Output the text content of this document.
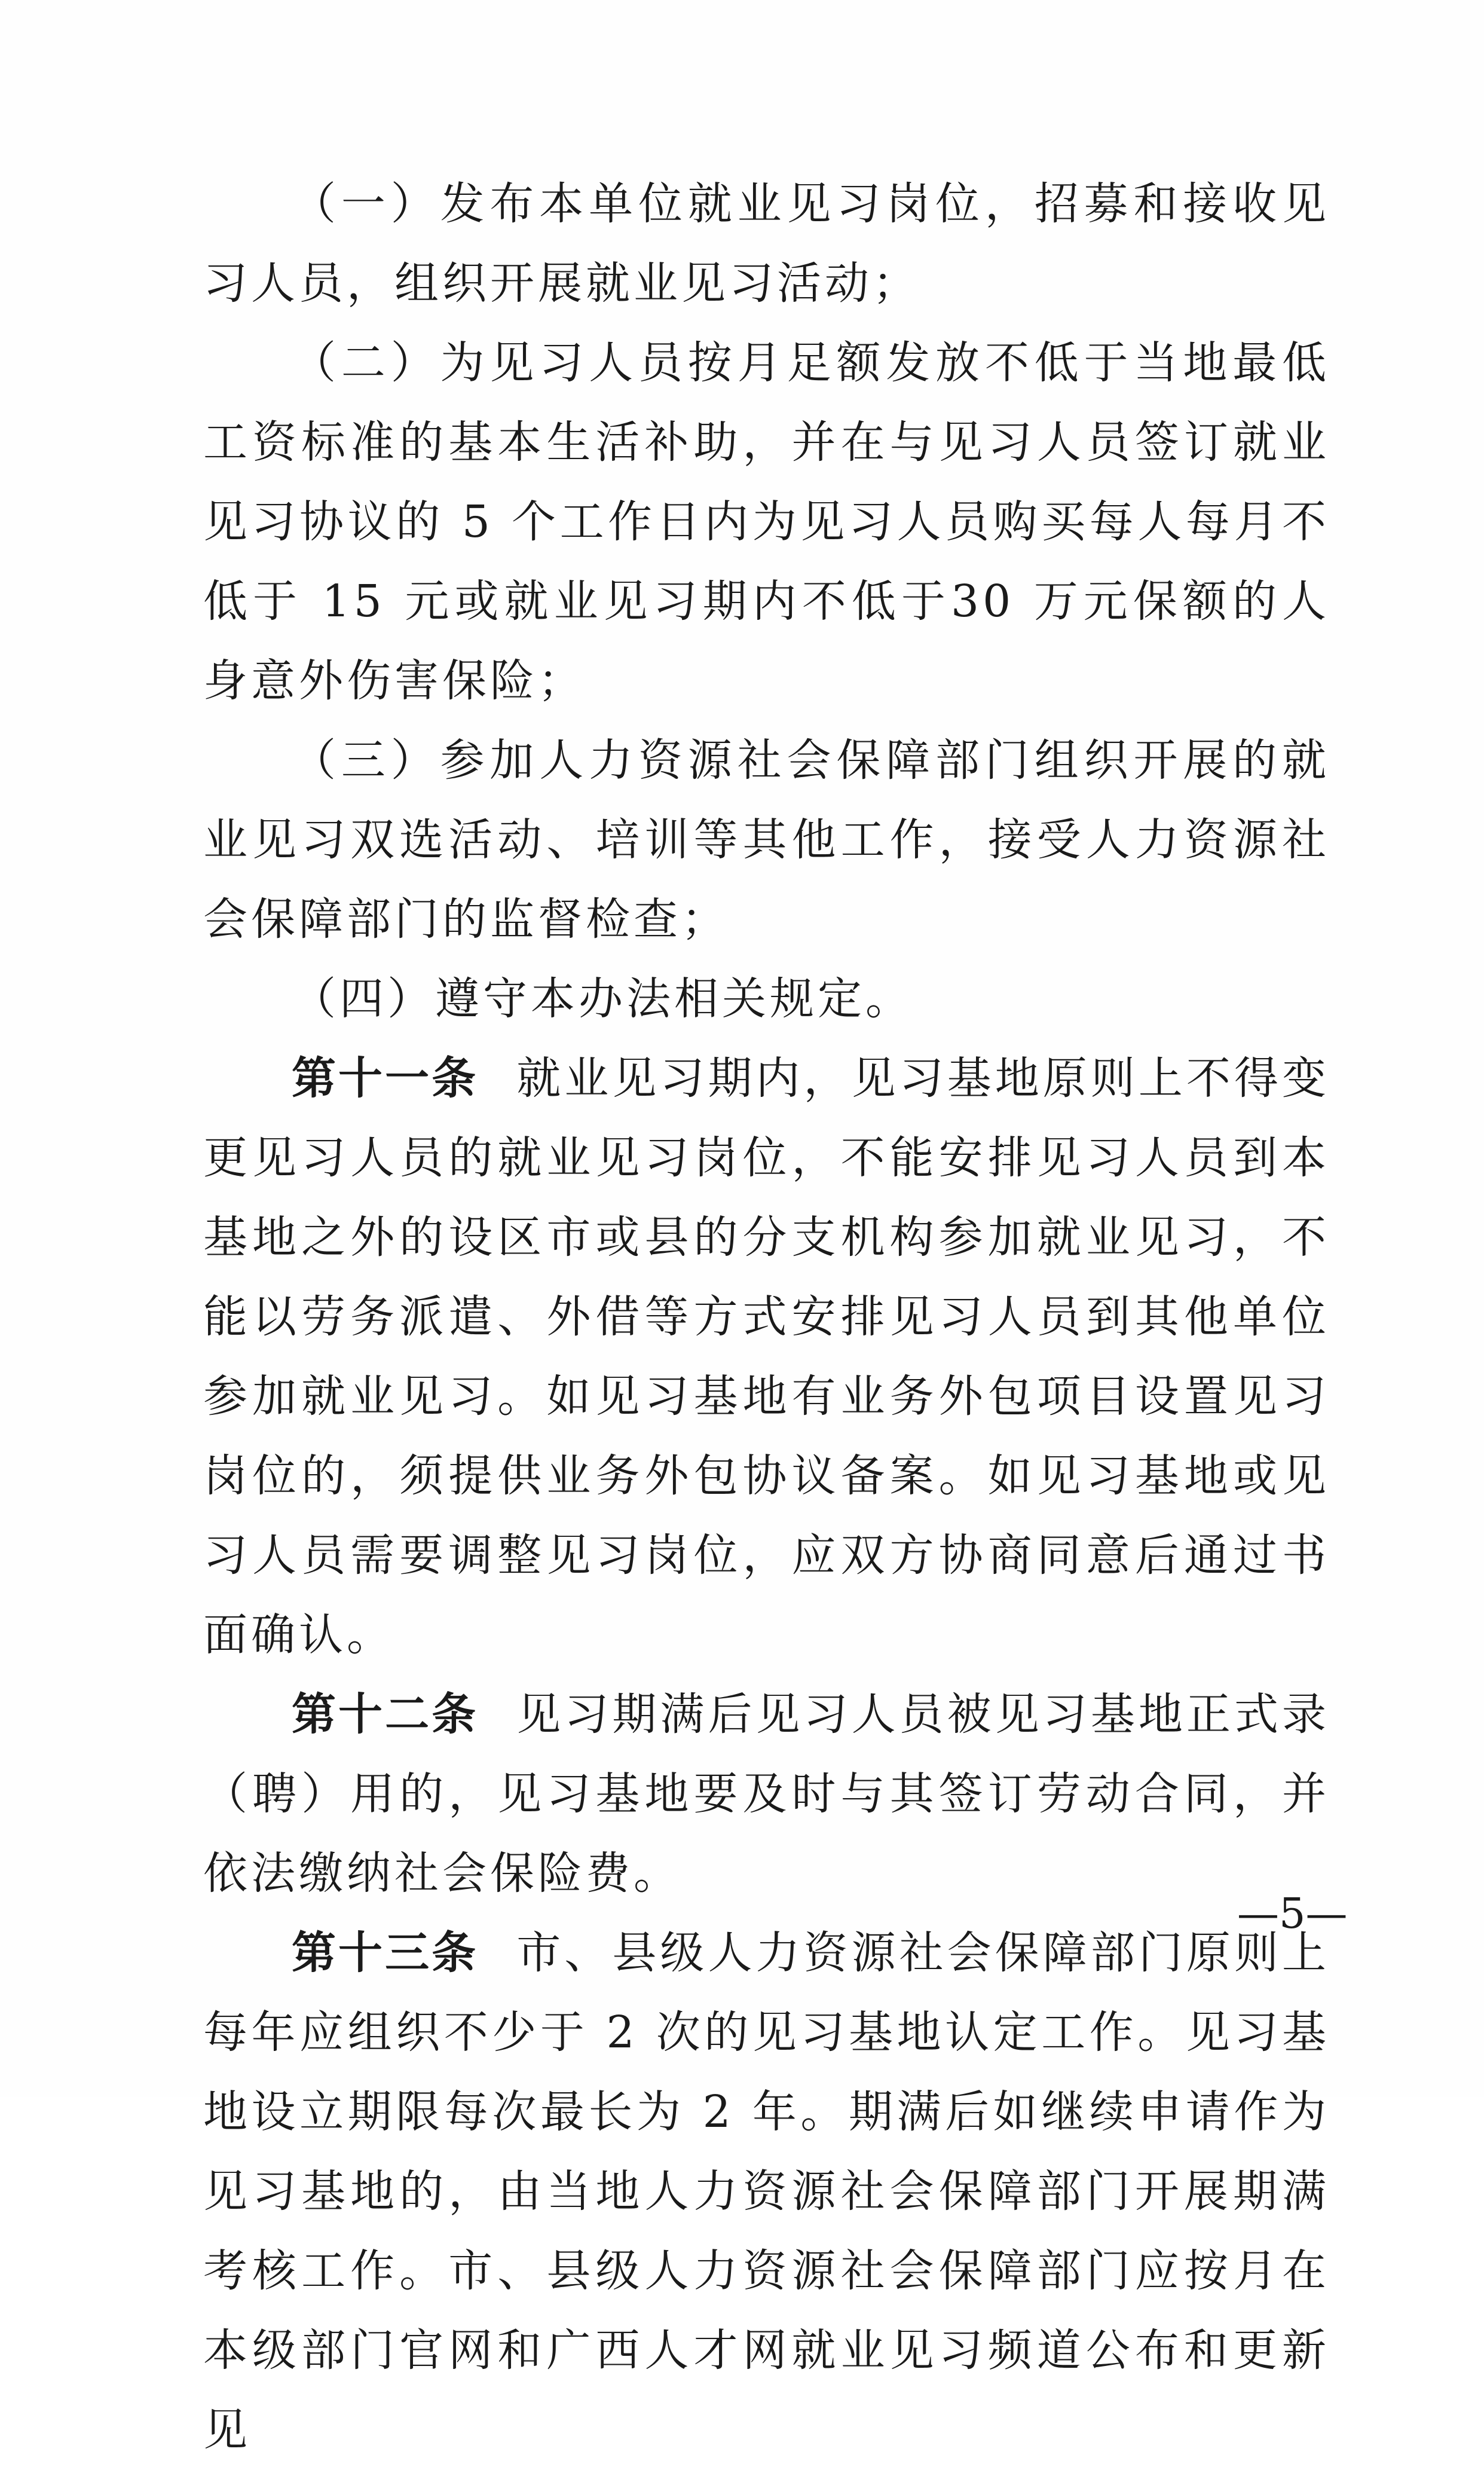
（一）发布本单位就业见习岗位，招募和接收见习人员，组织开展就业见习活动；

（二）为见习人员按月足额发放不低于当地最低工资标准的基本生活补助，并在与见习人员签订就业见习协议的 5 个工作日内为见习人员购买每人每月不低于 15 元或就业见习期内不低于30 万元保额的人身意外伤害保险；

（三）参加人力资源社会保障部门组织开展的就业见习双选活动、培训等其他工作，接受人力资源社会保障部门的监督检查；

（四）遵守本办法相关规定。

第十一条 就业见习期内，见习基地原则上不得变更见习人员的就业见习岗位，不能安排见习人员到本基地之外的设区市或县的分支机构参加就业见习，不能以劳务派遣、外借等方式安排见习人员到其他单位参加就业见习。如见习基地有业务外包项目设置见习岗位的，须提供业务外包协议备案。如见习基地或见习人员需要调整见习岗位，应双方协商同意后通过书面确认。

第十二条 见习期满后见习人员被见习基地正式录（聘）用的，见习基地要及时与其签订劳动合同，并依法缴纳社会保险费。

第十三条 市、县级人力资源社会保障部门原则上每年应组织不少于 2 次的见习基地认定工作。见习基地设立期限每次最长为 2 年。期满后如继续申请作为见习基地的，由当地人力资源社会保障部门开展期满考核工作。市、县级人力资源社会保障部门应按月在本级部门官网和广西人才网就业见习频道公布和更新见

—5—
